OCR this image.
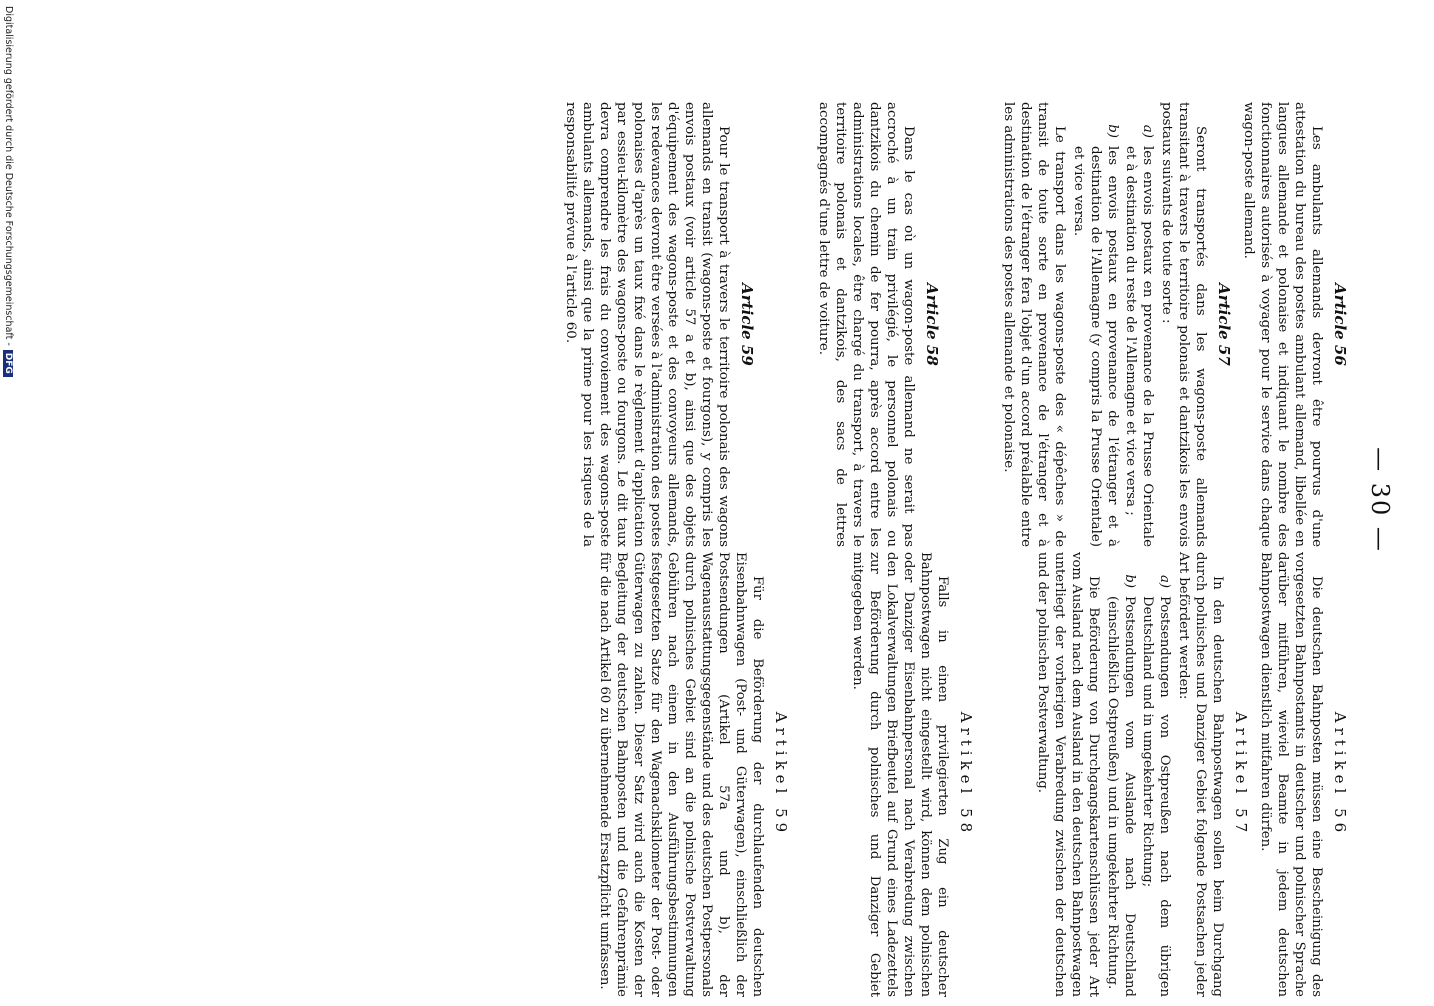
— 30 —
Article 56

Les ambulants allemands devront être pourvus d'une attestation du bureau des postes ambulant allemand, libellée en langues allemande et polonaise et indiquant le nombre des fonctionnaires autorisés à voyager pour le service dans chaque wagon-poste allemand.

Article 57

Seront transportés dans les wagons-poste allemands transitant à travers le territoire polonais et dantzikois les envois postaux suivants de toute sorte :

a)
les envois postaux en provenance de la Prusse Orientale et à destination du reste de l'Allemagne et vice versa ;
b)
les envois postaux en provenance de l'étranger et à destination de l'Allemagne (y compris la Prusse Orientale) et vice versa.

Le transport dans les wagons-poste des « dépêches » de transit de toute sorte en provenance de l'étranger et à destination de l'étranger fera l'objet d'un accord préalable entre les administrations des postes allemande et polonaise.

Article 58

Dans le cas où un wagon-poste allemand ne serait pas accroché à un train privilégié, le personnel polonais ou dantzikois du chemin de fer pourra, après accord entre les administrations locales, être chargé du transport, à travers le territoire polonais et dantzikois, des sacs de lettres accompagnés d'une lettre de voiture.

Article 59

Pour le transport à travers le territoire polonais des wagons allemands en transit (wagons-poste et fourgons), y compris les envois postaux (voir article 57 a et b), ainsi que des objets d'équipement des wagons-poste et des convoyeurs allemands, les redevances devront être versées à l'administration des postes polonaises d'après un taux fixé dans le règlement d'application par essieu-kilomètre des wagons-poste ou fourgons. Le dit taux devra comprendre les frais du convoiement des wagons-poste ambulants allemands, ainsi que la prime pour les risques de la responsabilité prévue à l'article 60.

Artikel 56

Die deutschen Bahnposten müssen eine Bescheinigung des vorgesetzten Bahnpostamts in deutscher und polnischer Sprache darüber mitführen, wieviel Beamte in jedem deutschen Bahnpostwagen dienstlich mitfahren dürfen.

Artikel 57

In den deutschen Bahnpostwagen sollen beim Durchgang durch polnisches und Danziger Gebiet folgende Postsachen jeder Art befördert werden:

a)
Postsendungen von Ostpreußen nach dem übrigen Deutschland und in umgekehrter Richtung;
b)
Postsendungen vom Auslande nach Deutschland (einschließlich Ostpreußen) und in umgekehrter Richtung.

Die Beförderung von Durchgangskartenschlüssen jeder Art vom Ausland nach dem Ausland in den deutschen Bahnpostwagen unterliegt der vorherigen Verabredung zwischen der deutschen und der polnischen Postverwaltung.

Artikel 58

Falls in einen privilegierten Zug ein deutscher Bahnpostwagen nicht eingestellt wird, können dem polnischen oder Danziger Eisenbahnpersonal nach Verabredung zwischen den Lokalverwaltungen Briefbeutel auf Grund eines Ladezettels zur Beförderung durch polnisches und Danziger Gebiet mitgegeben werden.

Artikel 59

Für die Beförderung der durchlaufenden deutschen Eisenbahnwagen (Post- und Güterwagen), einschließlich der Postsendungen (Artikel 57a und b), der Wagenausstattungsgegenstände und des deutschen Postpersonals durch polnisches Gebiet sind an die polnische Postverwaltung Gebühren nach einem in den Ausführungsbestimmungen festgesetzten Satze für den Wagenachskilometer der Post- oder Güterwagen zu zahlen. Dieser Satz wird auch die Kosten der Begleitung der deutschen Bahnposten und die Gefahrenprämie für die nach Artikel 60 zu übernehmende Ersatzpflicht umfassen.

Digitalisierung gefördert durch die Deutsche Forschungsgemeinschaft -DFG
